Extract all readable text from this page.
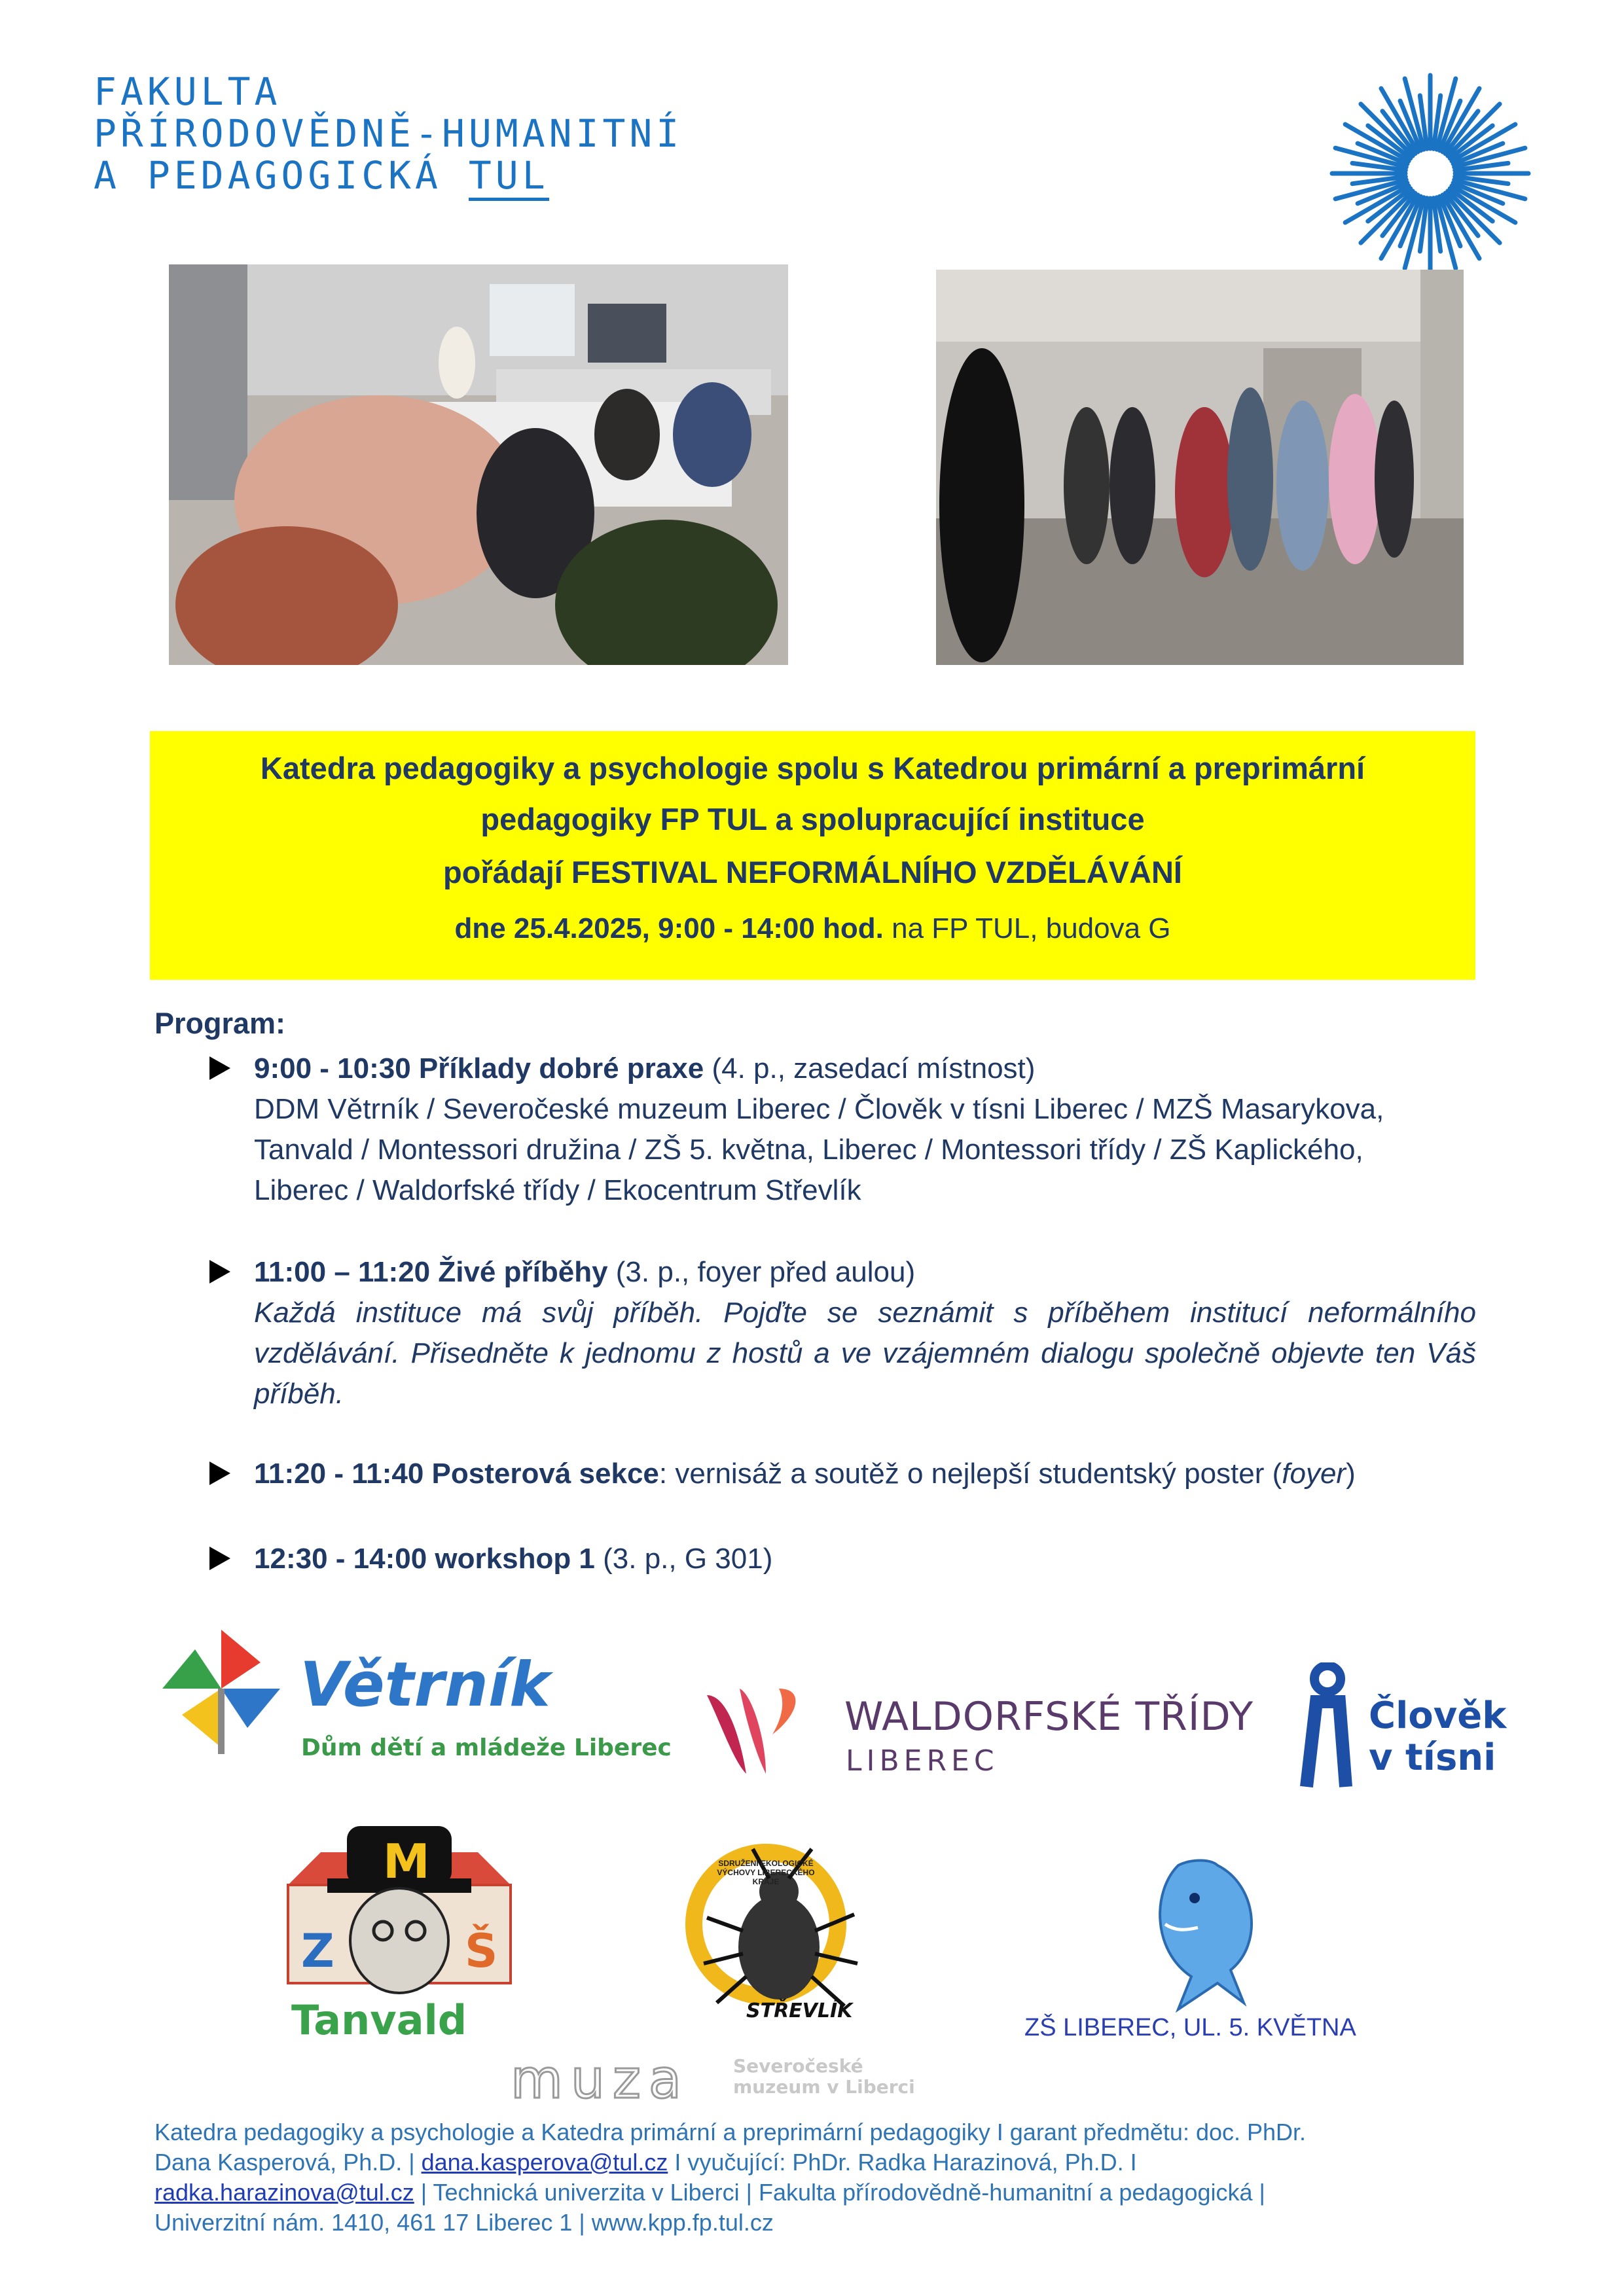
FAKULTA
PŘÍRODOVĚDNĚ-HUMANITNÍ
A PEDAGOGICKÁ TUL
Katedra pedagogiky a psychologie spolu s Katedrou primární a preprimární
pedagogiky FP TUL a spolupracující instituce
pořádají FESTIVAL NEFORMÁLNÍHO VZDĚLÁVÁNÍ
dne 25.4.2025, 9:00 - 14:00 hod. na FP TUL, budova G
Program:
9:00 - 10:30 Příklady dobré praxe (4. p., zasedací místnost)
DDM Větrník / Severočeské muzeum Liberec / Člověk v tísni Liberec / MZŠ Masarykova,
Tanvald / Montessori družina / ZŠ 5. května, Liberec / Montessori třídy / ZŠ Kaplického,
Liberec / Waldorfské třídy / Ekocentrum Střevlík
11:00 – 11:20 Živé příběhy (3. p., foyer před aulou)
Každá instituce má svůj příběh. Pojďte se seznámit s příběhem institucí neformálního vzdělávání. Přisedněte k jednomu z hostů a ve vzájemném dialogu společně objevte ten Váš příběh.
11:20 - 11:40 Posterová sekce: vernisáž a soutěž o nejlepší studentský poster (foyer)
12:30 - 14:00 workshop 1 (3. p., G 301)
Větrník
Dům dětí a mládeže Liberec
WALDORFSKÉ TŘÍDY
LIBEREC
Člověk
v tísni
M
Z	Š
Tanvald
SDRUŽENÍ EKOLOGICKÉ VÝCHOVY LIBERECKÉHO KRAJE
STŘEVLÍK
muza Severočeské
muzeum v Liberci
ZŠ LIBEREC, UL. 5. KVĚTNA
Katedra pedagogiky a psychologie a Katedra primární a preprimární pedagogiky I garant předmětu: doc. PhDr.
Dana Kasperová, Ph.D. | dana.kasperova@tul.cz I vyučující: PhDr. Radka Harazinová, Ph.D. I
radka.harazinova@tul.cz | Technická univerzita v Liberci | Fakulta přírodovědně-humanitní a pedagogická |
Univerzitní nám. 1410, 461 17 Liberec 1 | www.kpp.fp.tul.cz
